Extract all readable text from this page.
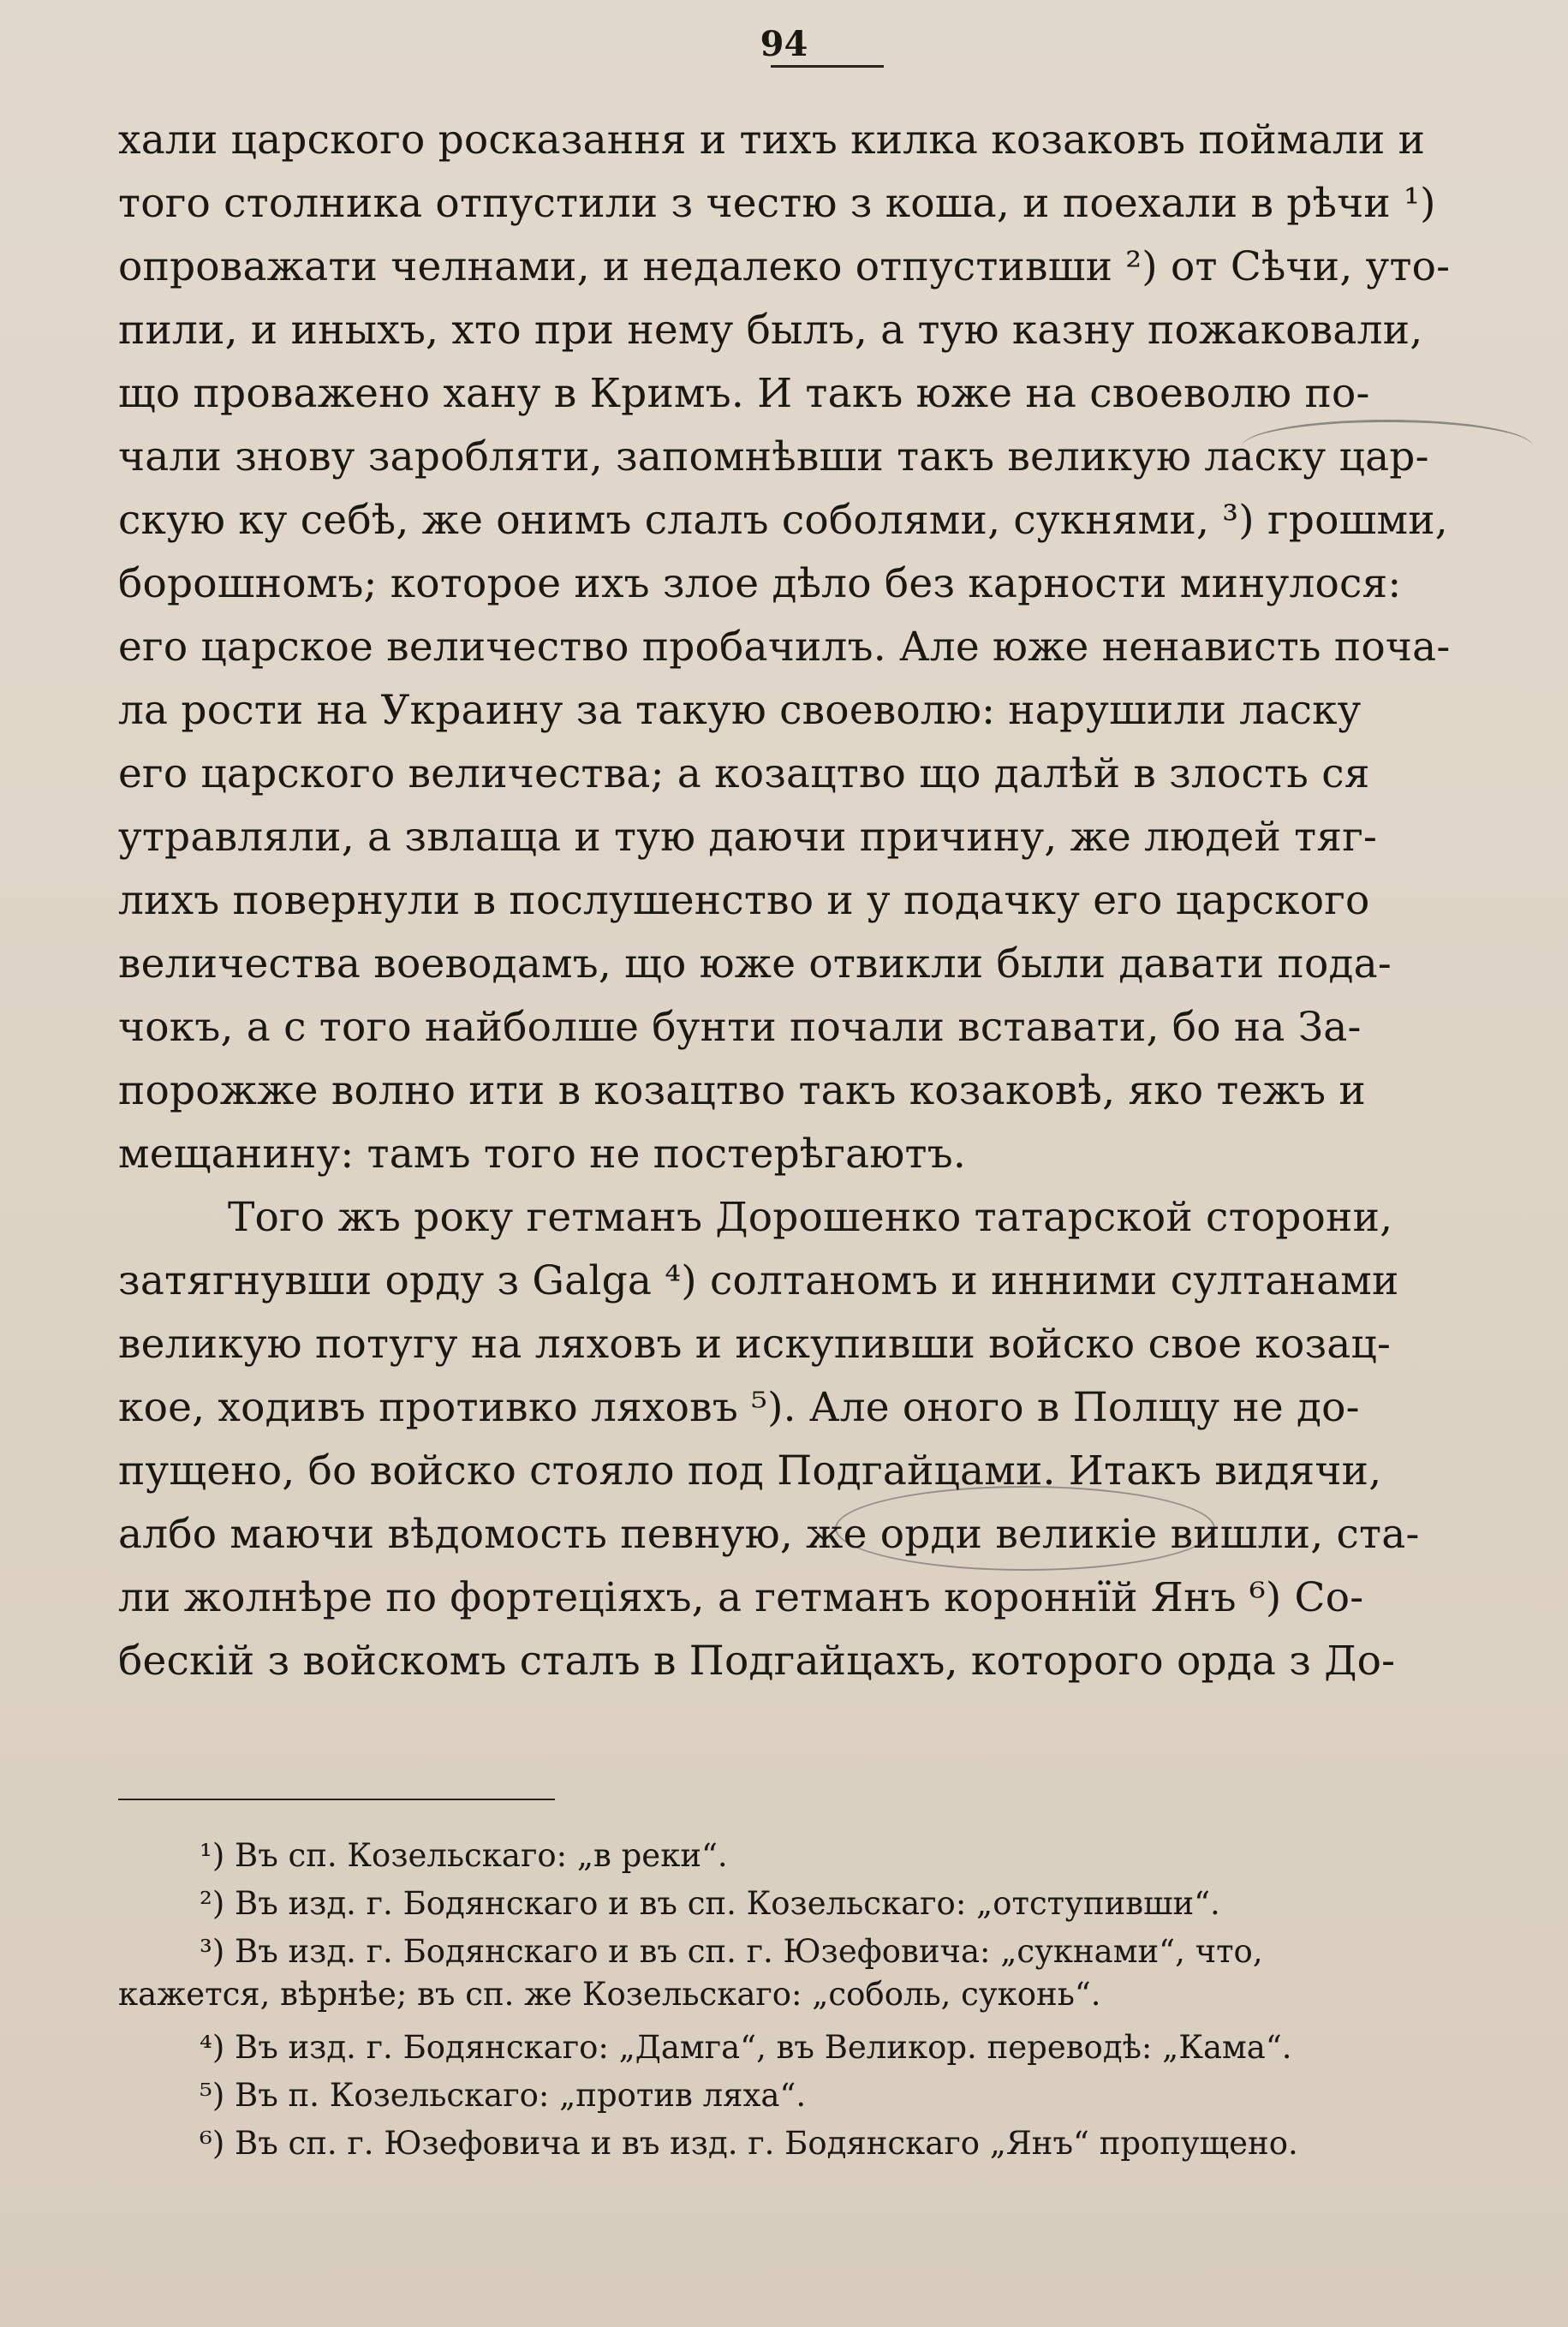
94
хали царского росказання и тихъ килка козаковъ поймали и
того столника отпустили з честю з коша, и поехали в рѣчи ¹)
опроважати челнами, и недалеко отпустивши ²) от Сѣчи, уто-
пили, и иныхъ, хто при нему былъ, а тую казну пожаковали,
що проважено хану в Кримъ. И такъ юже на своеволю по-
чали знову заробляти, запомнѣвши такъ великую ласку цар-
скую ку себѣ, же онимъ слалъ соболями, сукнями, ³) грошми,
борошномъ; которое ихъ злое дѣло без карности минулося:
его царское величество пробачилъ. Але юже ненависть поча-
ла рости на Украину за такую своеволю: нарушили ласку
его царского величества; а козацтво що далѣй в злость ся
утравляли, а звлаща и тую даючи причину, же людей тяг-
лихъ повернули в послушенство и у подачку его царского
величества воеводамъ, що юже отвикли были давати пода-
чокъ, а с того найболше бунти почали вставати, бо на За-
порожже волно ити в козацтво такъ козаковѣ, яко тежъ и
мещанину: тамъ того не постерѣгаютъ.
Того жъ року гетманъ Дорошенко татарской сторони,
затягнувши орду з Galga ⁴) солтаномъ и инними султанами
великую потугу на ляховъ и искупивши войско свое козац-
кое, ходивъ противко ляховъ ⁵). Але оного в Полщу не до-
пущено, бо войско стояло под Подгайцами. Итакъ видячи,
албо маючи вѣдомость певную, же орди великіе вишли, ста-
ли жолнѣре по фортеціяхъ, а гетманъ короннїй Янъ ⁶) Со-
бескій з войскомъ сталъ в Подгайцахъ, которого орда з До-
¹) Въ сп. Козельскаго: „в реки“.
²) Въ изд. г. Бодянскаго и въ сп. Козельскаго: „отступивши“.
³) Въ изд. г. Бодянскаго и въ сп. г. Юзефовича: „сукнами“, что,
кажется, вѣрнѣе; въ сп. же Козельскаго: „соболь, суконь“.
⁴) Въ изд. г. Бодянскаго: „Дамга“, въ Великор. переводѣ: „Кама“.
⁵) Въ п. Козельскаго: „против ляха“.
⁶) Въ сп. г. Юзефовича и въ изд. г. Бодянскаго „Янъ“ пропущено.
